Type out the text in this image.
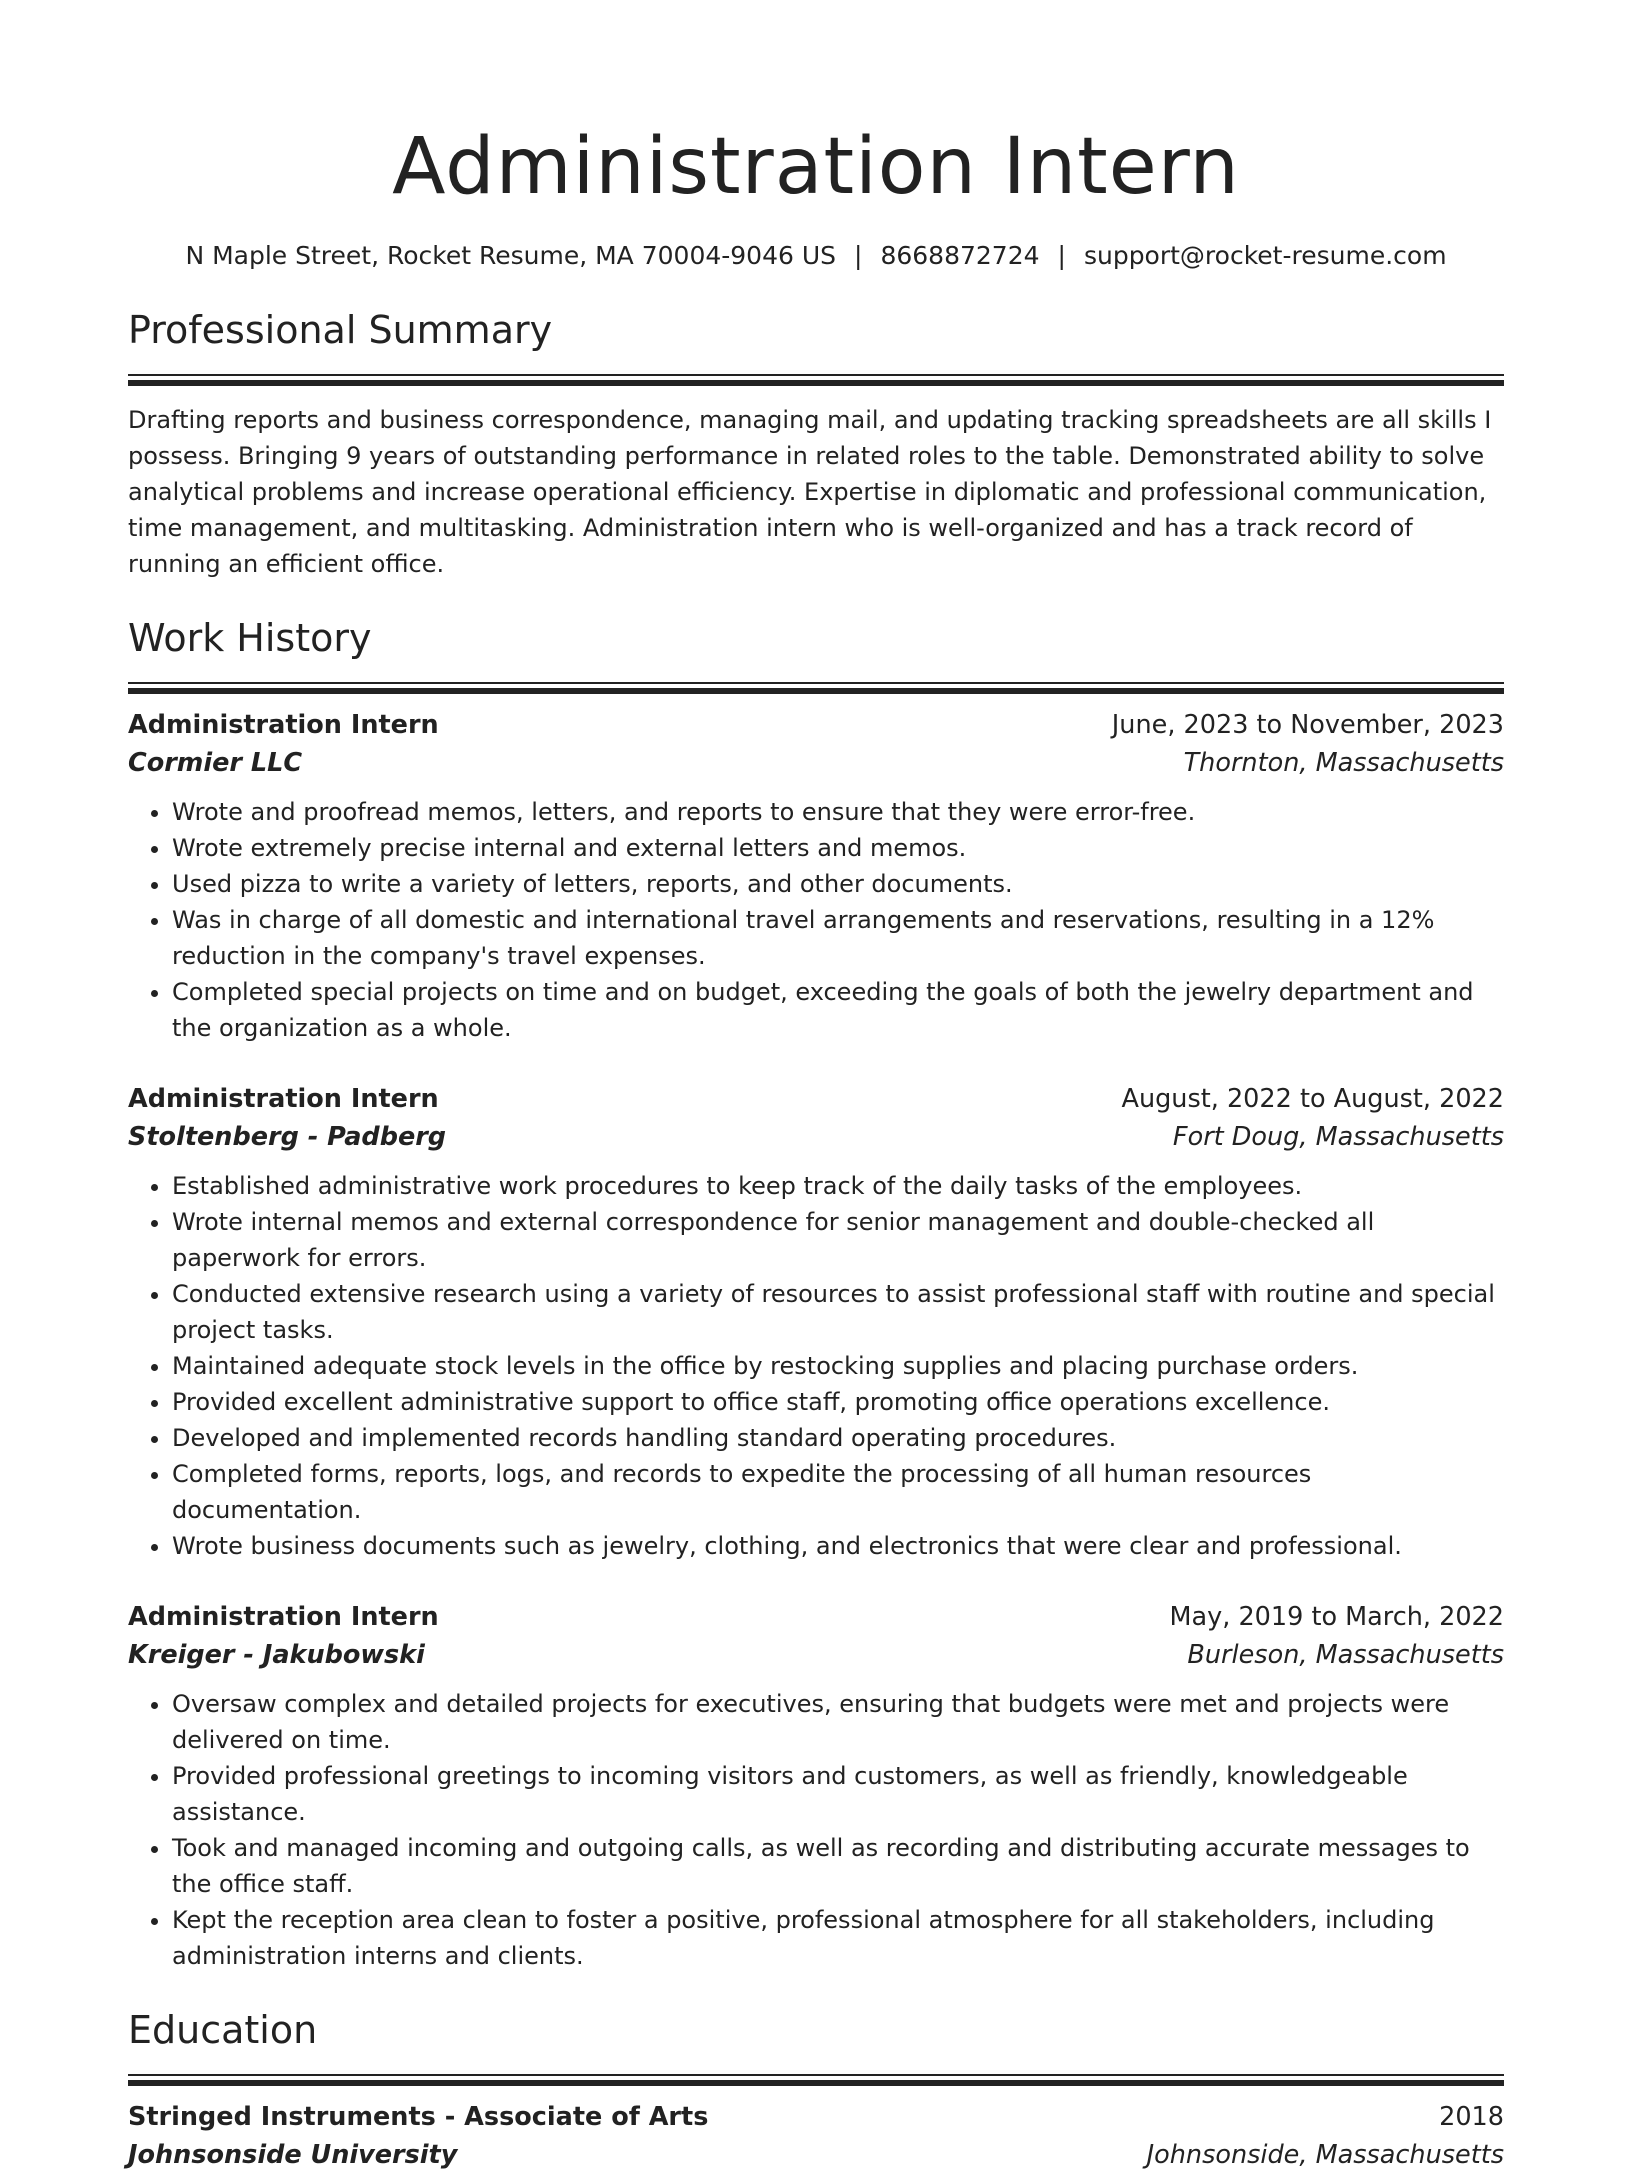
Administration Intern
N Maple Street, Rocket Resume, MA 70004-9046 US | 8668872724 | support@rocket-resume.com
Professional Summary

Drafting reports and business correspondence, managing mail, and updating tracking spreadsheets are all skills I possess. Bringing 9 years of outstanding performance in related roles to the table. Demonstrated ability to solve analytical problems and increase operational efficiency. Expertise in diplomatic and professional communication, time management, and multitasking. Administration intern who is well-organized and has a track record of running an efficient office.

Work History
Administration Intern	June, 2023 to November, 2023
Cormier LLC	Thornton, Massachusetts
• Wrote and proofread memos, letters, and reports to ensure that they were error-free.
• Wrote extremely precise internal and external letters and memos.
• Used pizza to write a variety of letters, reports, and other documents.
• Was in charge of all domestic and international travel arrangements and reservations, resulting in a 12% reduction in the company's travel expenses.
• Completed special projects on time and on budget, exceeding the goals of both the jewelry department and the organization as a whole.
Administration Intern	August, 2022 to August, 2022
Stoltenberg - Padberg	Fort Doug, Massachusetts
• Established administrative work procedures to keep track of the daily tasks of the employees.
• Wrote internal memos and external correspondence for senior management and double-checked all paperwork for errors.
• Conducted extensive research using a variety of resources to assist professional staff with routine and special project tasks.
• Maintained adequate stock levels in the office by restocking supplies and placing purchase orders.
• Provided excellent administrative support to office staff, promoting office operations excellence.
• Developed and implemented records handling standard operating procedures.
• Completed forms, reports, logs, and records to expedite the processing of all human resources documentation.
• Wrote business documents such as jewelry, clothing, and electronics that were clear and professional.
Administration Intern	May, 2019 to March, 2022
Kreiger - Jakubowski	Burleson, Massachusetts
• Oversaw complex and detailed projects for executives, ensuring that budgets were met and projects were delivered on time.
• Provided professional greetings to incoming visitors and customers, as well as friendly, knowledgeable assistance.
• Took and managed incoming and outgoing calls, as well as recording and distributing accurate messages to the office staff.
• Kept the reception area clean to foster a positive, professional atmosphere for all stakeholders, including administration interns and clients.
Education
Stringed Instruments - Associate of Arts	2018
Johnsonside University	Johnsonside, Massachusetts
